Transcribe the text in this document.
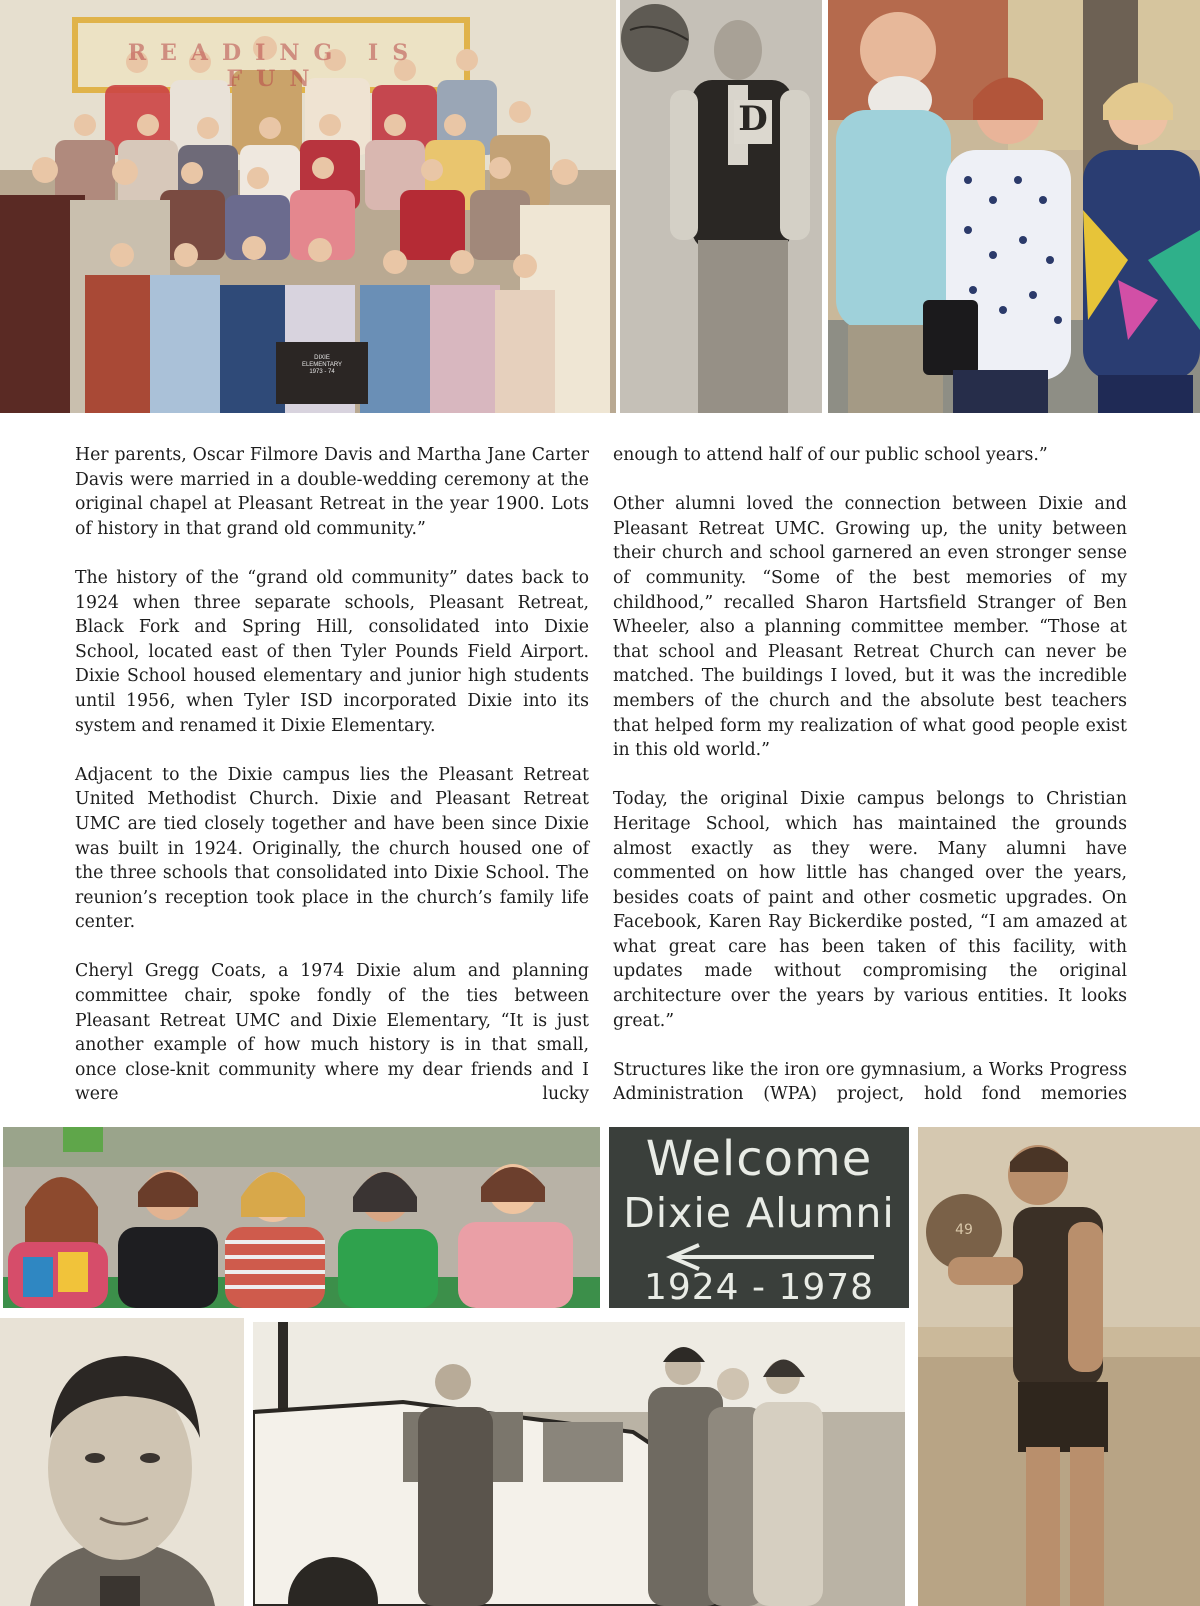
DIXIE
ELEMENTARY
1973 - 74
READING IS FUN
D

Her parents, Oscar Filmore Davis and Martha Jane Carter Davis were married in a double-wedding ceremony at the original chapel at Pleasant Retreat in the year 1900. Lots of history in that grand old community.”

The history of the “grand old community” dates back to 1924 when three separate schools, Pleasant Retreat, Black Fork and Spring Hill, consolidated into Dixie School, located east of then Tyler Pounds Field Airport. Dixie School housed elementary and junior high students until 1956, when Tyler ISD incorporated Dixie into its system and renamed it Dixie Elementary.

Adjacent to the Dixie campus lies the Pleasant Retreat United Methodist Church. Dixie and Pleasant Retreat UMC are tied closely together and have been since Dixie was built in 1924. Originally, the church housed one of the three schools that consolidated into Dixie School. The reunion’s reception took place in the church’s family life center.

Cheryl Gregg Coats, a 1974 Dixie alum and planning committee chair, spoke fondly of the ties between Pleasant Retreat UMC and Dixie Elementary, “It is just another example of how much history is in that small, once close-knit community where my dear friends and I were lucky

enough to attend half of our public school years.”

Other alumni loved the connection between Dixie and Pleasant Retreat UMC. Growing up, the unity between their church and school garnered an even stronger sense of community. “Some of the best memories of my childhood,” recalled Sharon Hartsfield Stranger of Ben Wheeler, also a planning committee member. “Those at that school and Pleasant Retreat Church can never be matched. The buildings I loved, but it was the incredible members of the church and the absolute best teachers that helped form my realization of what good people exist in this old world.”

Today, the original Dixie campus belongs to Christian Heritage School, which has maintained the grounds almost exactly as they were. Many alumni have commented on how little has changed over the years, besides coats of paint and other cosmetic upgrades. On Facebook, Karen Ray Bickerdike posted, “I am amazed at what great care has been taken of this facility, with updates made without compromising the original architecture over the years by various entities. It looks great.”

Structures like the iron ore gymnasium, a Works Progress Administration (WPA) project, hold fond memories

Welcome
Dixie Alumni
1924 - 1978
49
